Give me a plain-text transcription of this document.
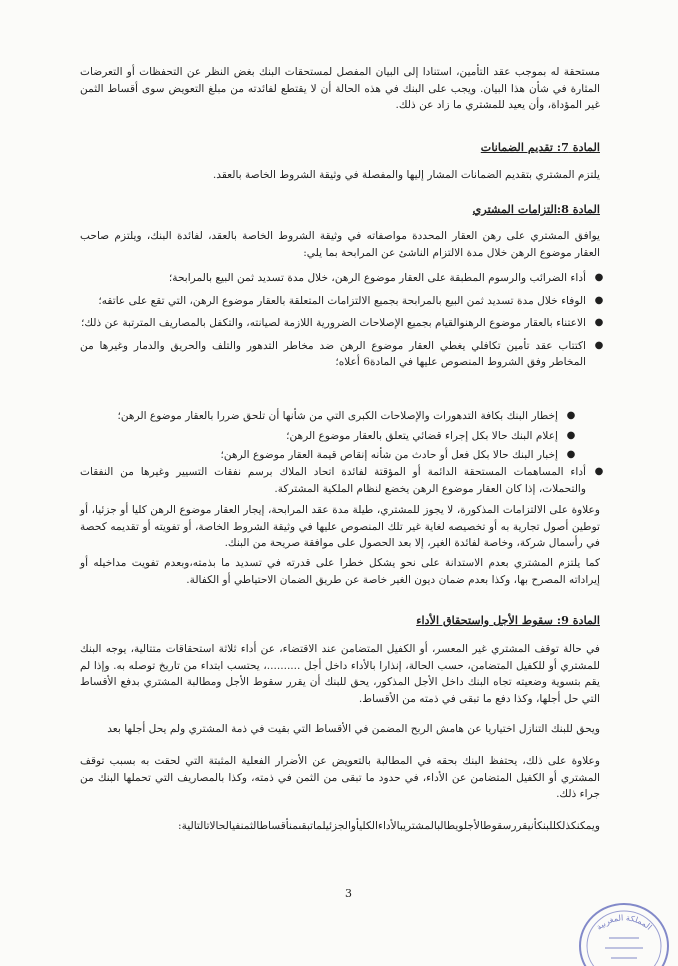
مستحقة له بموجب عقد التأمين، استنادا إلى البيان المفصل لمستحقات البنك بغض النظر عن التحفظات أو التعرضات المثارة في شأن هذا البيان. ويجب على البنك في هذه الحالة أن لا يقتطع لفائدته من مبلغ التعويض سوى أقساط الثمن غير المؤداة، وأن يعيد للمشتري ما زاد عن ذلك.

المادة 7: تقديم الضمانات

يلتزم المشتري بتقديم الضمانات المشار إليها والمفصلة في وثيقة الشروط الخاصة بالعقد.

المادة 8:التزامات المشتري

يوافق المشتري على رهن العقار المحددة مواصفاته في وثيقة الشروط الخاصة بالعقد، لفائدة البنك، ويلتزم صاحب العقار موضوع الرهن خلال مدة الالتزام الناشئ عن المرابحة بما يلي:

●
أداء الضرائب والرسوم المطبقة على العقار موضوع الرهن، خلال مدة تسديد ثمن البيع بالمرابحة؛
●
الوفاء خلال مدة تسديد ثمن البيع بالمرابحة بجميع الالتزامات المتعلقة بالعقار موضوع الرهن، التي تقع على عاتقه؛
●
الاعتناء بالعقار موضوع الرهنوالقيام بجميع الإصلاحات الضرورية اللازمة لصيانته، والتكفل بالمصاريف المترتبة عن ذلك؛
●
اكتتاب عقد تأمين تكافلي يغطي العقار موضوع الرهن ضد مخاطر التدهور والتلف والحريق والدمار وغيرها من المخاطر وفق الشروط المنصوص عليها في المادة6 أعلاه؛
●
إخطار البنك بكافة التدهورات والإصلاحات الكبرى التي من شأنها أن تلحق ضررا بالعقار موضوع الرهن؛
●
إعلام البنك حالا بكل إجراء قضائي يتعلق بالعقار موضوع الرهن؛
●
إخبار البنك حالا بكل فعل أو حادث من شأنه إنقاص قيمة العقار موضوع الرهن؛
●
أداء المساهمات المستحقة الدائمة أو المؤقتة لفائدة اتحاد الملاك برسم نفقات التسيير وغيرها من النفقات والتحملات، إذا كان العقار موضوع الرهن يخضع لنظام الملكية المشتركة.

وعلاوة على الالتزامات المذكورة، لا يجوز للمشتري، طيلة مدة عقد المرابحة، إيجار العقار موضوع الرهن كليا أو جزئيا، أو توطين أصول تجارية به أو تخصيصه لغاية غير تلك المنصوص عليها في وثيقة الشروط الخاصة، أو تفويته أو تقديمه كحصة في رأسمال شركة، وخاصة لفائدة الغير، إلا بعد الحصول على موافقة صريحة من البنك.

كما يلتزم المشتري بعدم الاستدانة على نحو يشكل خطرا على قدرته في تسديد ما بذمته،وبعدم تفويت مداخيله أو إيراداته المصرح بها، وكذا بعدم ضمان ديون الغير خاصة عن طريق الضمان الاحتياطي أو الكفالة.

المادة 9: سقوط الأجل واستحقاق الأداء

في حالة توقف المشتري غير المعسر، أو الكفيل المتضامن عند الاقتضاء، عن أداء ثلاثة استحقاقات متتالية، يوجه البنك للمشتري أو للكفيل المتضامن، حسب الحالة، إنذارا بالأداء داخل أجل ..........، يحتسب ابتداء من تاريخ توصله به. وإذا لم يقم بتسوية وضعيته تجاه البنك داخل الأجل المذكور، يحق للبنك أن يقرر سقوط الأجل ومطالبة المشتري بدفع الأقساط التي حل أجلها، وكذا دفع ما تبقى في ذمته من الأقساط.

ويحق للبنك التنازل اختياريا عن هامش الربح المضمن في الأقساط التي بقيت في ذمة المشتري ولم يحل أجلها بعد

وعلاوة على ذلك، يحتفظ البنك بحقه في المطالبة بالتعويض عن الأضرار الفعلية المثبتة التي لحقت به بسبب توقف المشتري أو الكفيل المتضامن عن الأداء، في حدود ما تبقى من الثمن في ذمته، وكذا بالمصاريف التي تحملها البنك من جراء ذلك.

ويمكنكذلكللبنكأنيقررسقوطالأجلويطالبالمشتريبالأداءالكليأوالجزئيلماتبقىمنأقساطالثمنفيالحالاتالتالية:

3
المملكة المغربية
